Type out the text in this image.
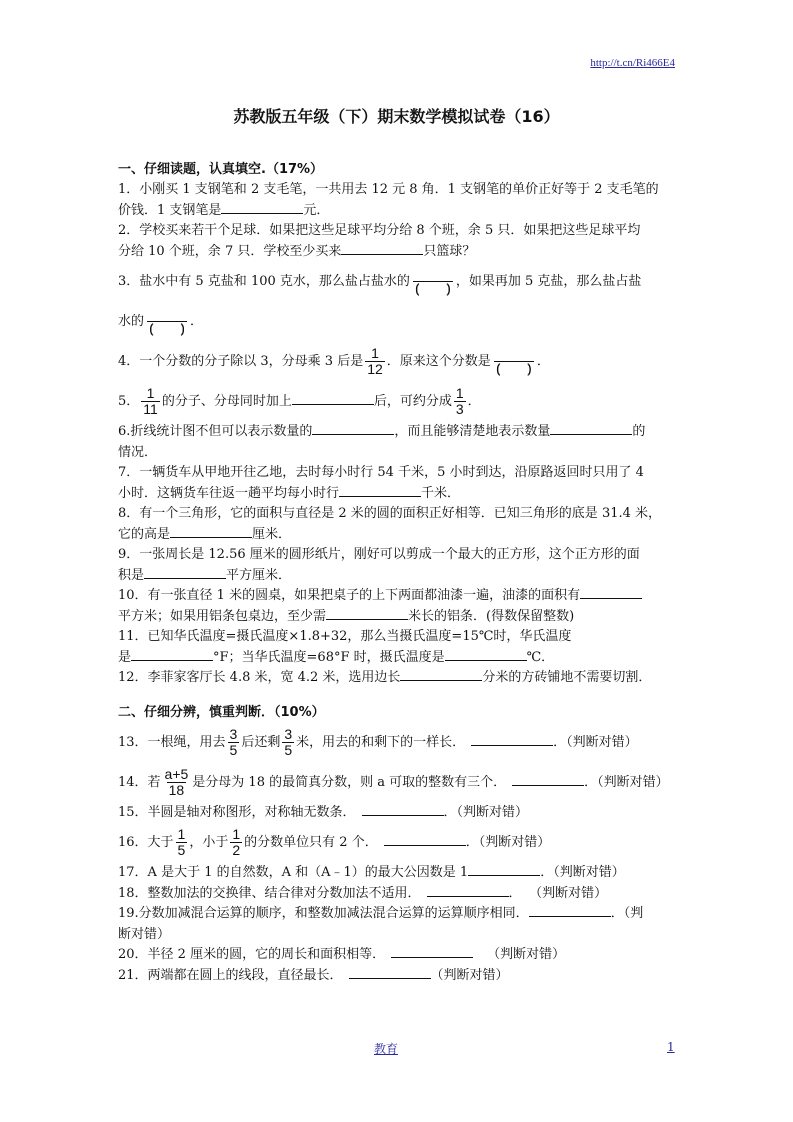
http://t.cn/Ri466E4
苏教版五年级（下）期末数学模拟试卷（16）
一、仔细读题，认真填空.（17%）

1．小刚买 1 支钢笔和 2 支毛笔，一共用去 12 元 8 角．1 支钢笔的单价正好等于 2 支毛笔的
价钱．1 支钢笔是	元．

2．学校买来若干个足球．如果把这些足球平均分给 8 个班，余 5 只．如果把这些足球平均
分给 10 个班，余 7 只．学校至少买来	只篮球？

3．盐水中有 5 克盐和 100 克水，那么盐占盐水的 ( )	，如果再加 5 克盐，那么盐占盐

水的 ( )	．

4．一个分数的分子除以 3，分母乘 3 后是 $\frac{1}{12}$ ．原来这个分数是 ( )	．

5． $\frac{1}{11}$ 的分子、分母同时加上	后，可约分成 $\frac{1}{3}$ ．

6.折线统计图不但可以表示数量的	，而且能够清楚地表示数量	的
情况．

7．一辆货车从甲地开往乙地，去时每小时行 54 千米，5 小时到达，沿原路返回时只用了 4
小时．这辆货车往返一趟平均每小时行	千米．

8．有一个三角形，它的面积与直径是 2 米的圆的面积正好相等．已知三角形的底是 31.4 米，
它的高是	厘米．

9．一张周长是 12.56 厘米的圆形纸片，刚好可以剪成一个最大的正方形，这个正方形的面
积是	平方厘米．

10．有一张直径 1 米的圆桌，如果把桌子的上下两面都油漆一遍，油漆的面积有
平方米；如果用铝条包桌边，至少需	米长的铝条．(得数保留整数)

11．已知华氏温度=摄氏温度×1.8+32，那么当摄氏温度=15℃时，华氏温度
是	°F；当华氏温度=68°F 时，摄氏温度是	℃．

12．李菲家客厅长 4.8 米，宽 4.2 米，选用边长	分米的方砖铺地不需要切割．

二、仔细分辨，慎重判断．（10%）

13．一根绳，用去 $\frac{3}{5}$ 后还剩 $\frac{3}{5}$ 米，用去的和剩下的一样长．	．（判断对错）

14．若 $\frac{a+5}{18}$ 是分母为 18 的最简真分数，则 a 可取的整数有三个．	．（判断对错）

15．半圆是轴对称图形，对称轴无数条．	．（判断对错）

16．大于 $\frac{1}{5}$ ，小于 $\frac{1}{2}$ 的分数单位只有 2 个．	．（判断对错）

17．A 是大于 1 的自然数，A 和（A﹣1）的最大公因数是 1	．（判断对错）

18．整数加法的交换律、结合律对分数加法不适用．	． （判断对错）

19.分数加减混合运算的顺序，和整数加减法混合运算的运算顺序相同．	．（判
断对错）

20．半径 2 厘米的圆，它的周长和面积相等．	（判断对错）

21．两端都在圆上的线段，直径最长．	（判断对错）

教育	1
